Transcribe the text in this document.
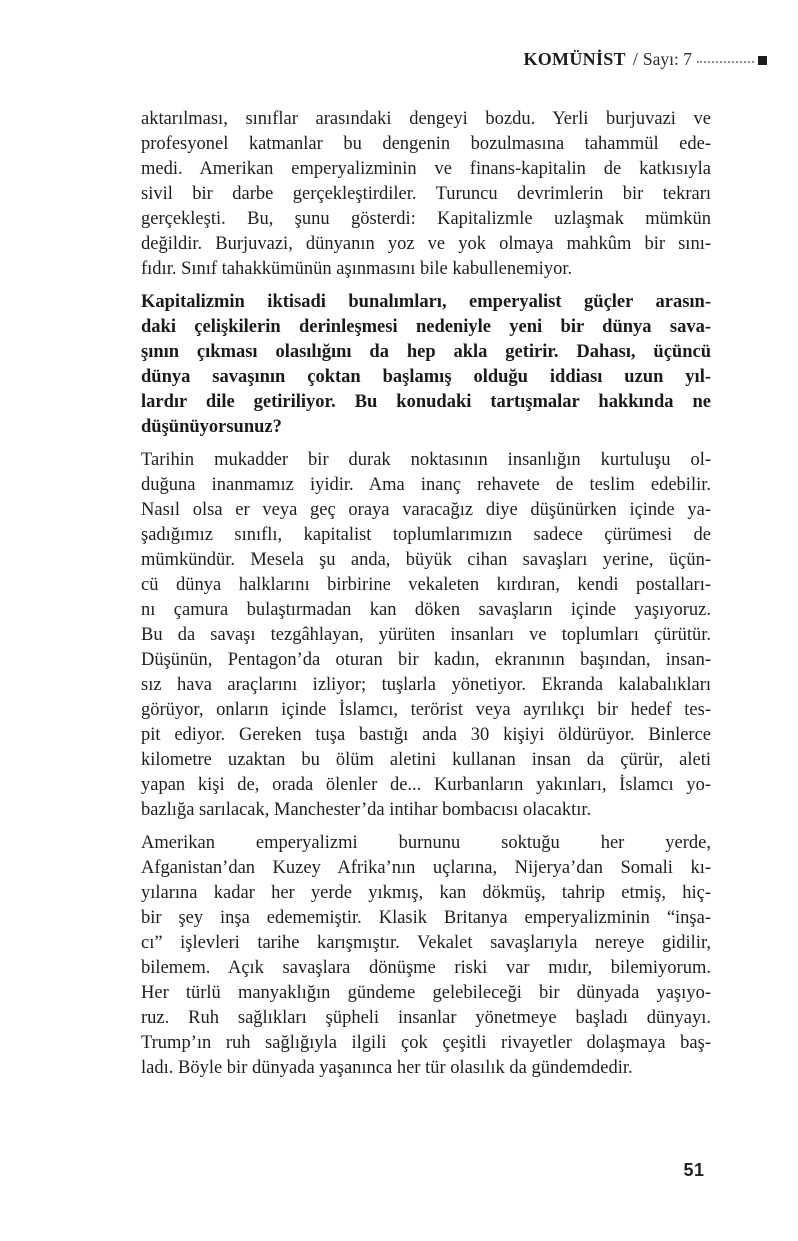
KOMÜNİST / Sayı: 7
aktarılması, sınıflar arasındaki dengeyi bozdu. Yerli burjuvazi ve
profesyonel katmanlar bu dengenin bozulmasına tahammül ede-
medi. Amerikan emperyalizminin ve finans-kapitalin de katkısıyla
sivil bir darbe gerçekleştirdiler. Turuncu devrimlerin bir tekrarı
gerçekleşti. Bu, şunu gösterdi: Kapitalizmle uzlaşmak mümkün
değildir. Burjuvazi, dünyanın yoz ve yok olmaya mahkûm bir sını-
fıdır. Sınıf tahakkümünün aşınmasını bile kabullenemiyor.
Kapitalizmin iktisadi bunalımları, emperyalist güçler arasın-
daki çelişkilerin derinleşmesi nedeniyle yeni bir dünya sava-
şının çıkması olasılığını da hep akla getirir. Dahası, üçüncü
dünya savaşının çoktan başlamış olduğu iddiası uzun yıl-
lardır dile getiriliyor. Bu konudaki tartışmalar hakkında ne
düşünüyorsunuz?
Tarihin mukadder bir durak noktasının insanlığın kurtuluşu ol-
duğuna inanmamız iyidir. Ama inanç rehavete de teslim edebilir.
Nasıl olsa er veya geç oraya varacağız diye düşünürken içinde ya-
şadığımız sınıflı, kapitalist toplumlarımızın sadece çürümesi de
mümkündür. Mesela şu anda, büyük cihan savaşları yerine, üçün-
cü dünya halklarını birbirine vekaleten kırdıran, kendi postalları-
nı çamura bulaştırmadan kan döken savaşların içinde yaşıyoruz.
Bu da savaşı tezgâhlayan, yürüten insanları ve toplumları çürütür.
Düşünün, Pentagon’da oturan bir kadın, ekranının başından, insan-
sız hava araçlarını izliyor; tuşlarla yönetiyor. Ekranda kalabalıkları
görüyor, onların içinde İslamcı, terörist veya ayrılıkçı bir hedef tes-
pit ediyor. Gereken tuşa bastığı anda 30 kişiyi öldürüyor. Binlerce
kilometre uzaktan bu ölüm aletini kullanan insan da çürür, aleti
yapan kişi de, orada ölenler de... Kurbanların yakınları, İslamcı yo-
bazlığa sarılacak, Manchester’da intihar bombacısı olacaktır.
Amerikan emperyalizmi burnunu soktuğu her yerde,
Afganistan’dan Kuzey Afrika’nın uçlarına, Nijerya’dan Somali kı-
yılarına kadar her yerde yıkmış, kan dökmüş, tahrip etmiş, hiç-
bir şey inşa edememiştir. Klasik Britanya emperyalizminin “inşa-
cı” işlevleri tarihe karışmıştır. Vekalet savaşlarıyla nereye gidilir,
bilemem. Açık savaşlara dönüşme riski var mıdır, bilemiyorum.
Her türlü manyaklığın gündeme gelebileceği bir dünyada yaşıyo-
ruz. Ruh sağlıkları şüpheli insanlar yönetmeye başladı dünyayı.
Trump’ın ruh sağlığıyla ilgili çok çeşitli rivayetler dolaşmaya baş-
ladı. Böyle bir dünyada yaşanınca her tür olasılık da gündemdedir.
51
